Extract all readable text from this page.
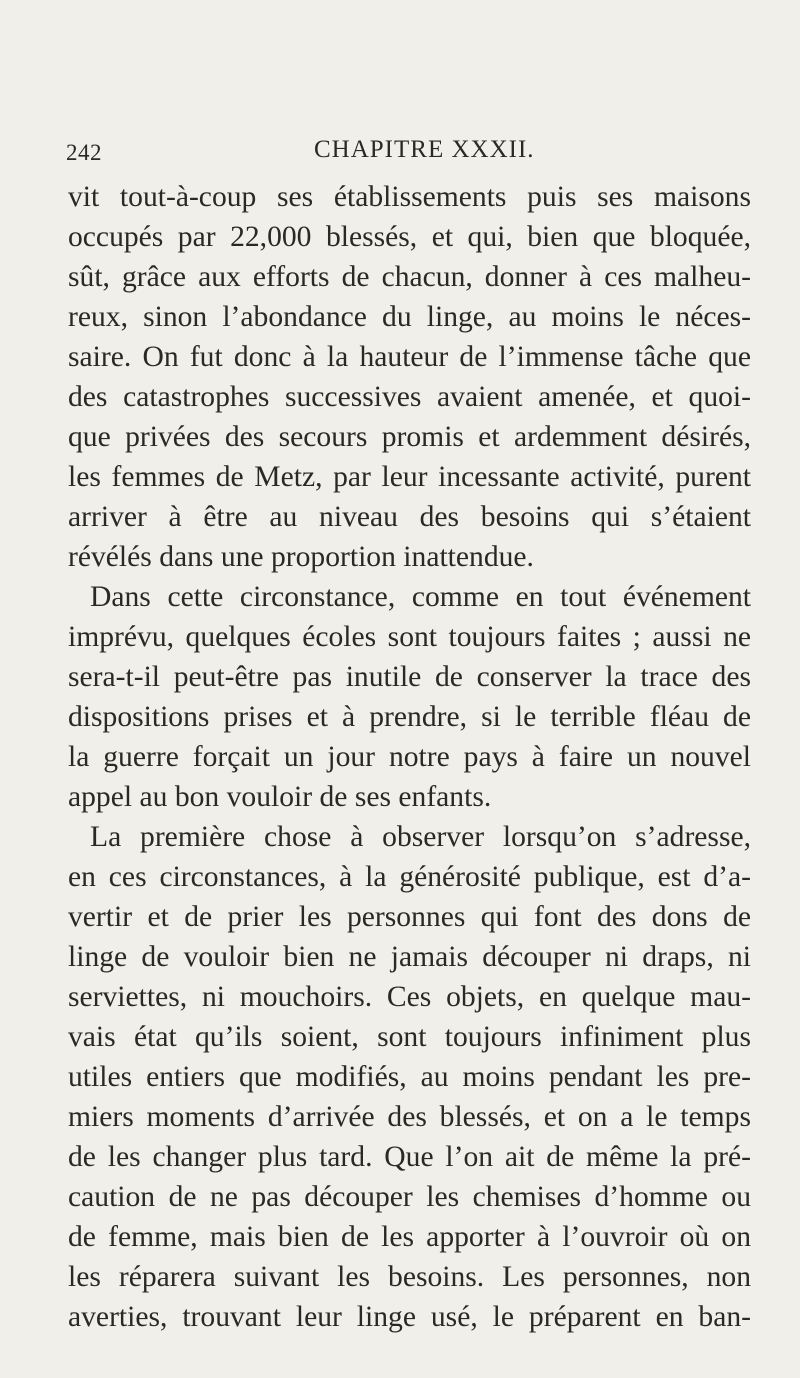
242	CHAPITRE XXXII.
vit tout-à-coup ses établissements puis ses maisons
occupés par 22,000 blessés, et qui, bien que bloquée,
sût, grâce aux efforts de chacun, donner à ces malheu-
reux, sinon l’abondance du linge, au moins le néces-
saire. On fut donc à la hauteur de l’immense tâche que
des catastrophes successives avaient amenée, et quoi-
que privées des secours promis et ardemment désirés,
les femmes de Metz, par leur incessante activité, purent
arriver à être au niveau des besoins qui s’étaient
révélés dans une proportion inattendue.
Dans cette circonstance, comme en tout événement
imprévu, quelques écoles sont toujours faites ; aussi ne
sera-t-il peut-être pas inutile de conserver la trace des
dispositions prises et à prendre, si le terrible fléau de
la guerre forçait un jour notre pays à faire un nouvel
appel au bon vouloir de ses enfants.
La première chose à observer lorsqu’on s’adresse,
en ces circonstances, à la générosité publique, est d’a-
vertir et de prier les personnes qui font des dons de
linge de vouloir bien ne jamais découper ni draps, ni
serviettes, ni mouchoirs. Ces objets, en quelque mau-
vais état qu’ils soient, sont toujours infiniment plus
utiles entiers que modifiés, au moins pendant les pre-
miers moments d’arrivée des blessés, et on a le temps
de les changer plus tard. Que l’on ait de même la pré-
caution de ne pas découper les chemises d’homme ou
de femme, mais bien de les apporter à l’ouvroir où on
les réparera suivant les besoins. Les personnes, non
averties, trouvant leur linge usé, le préparent en ban-
